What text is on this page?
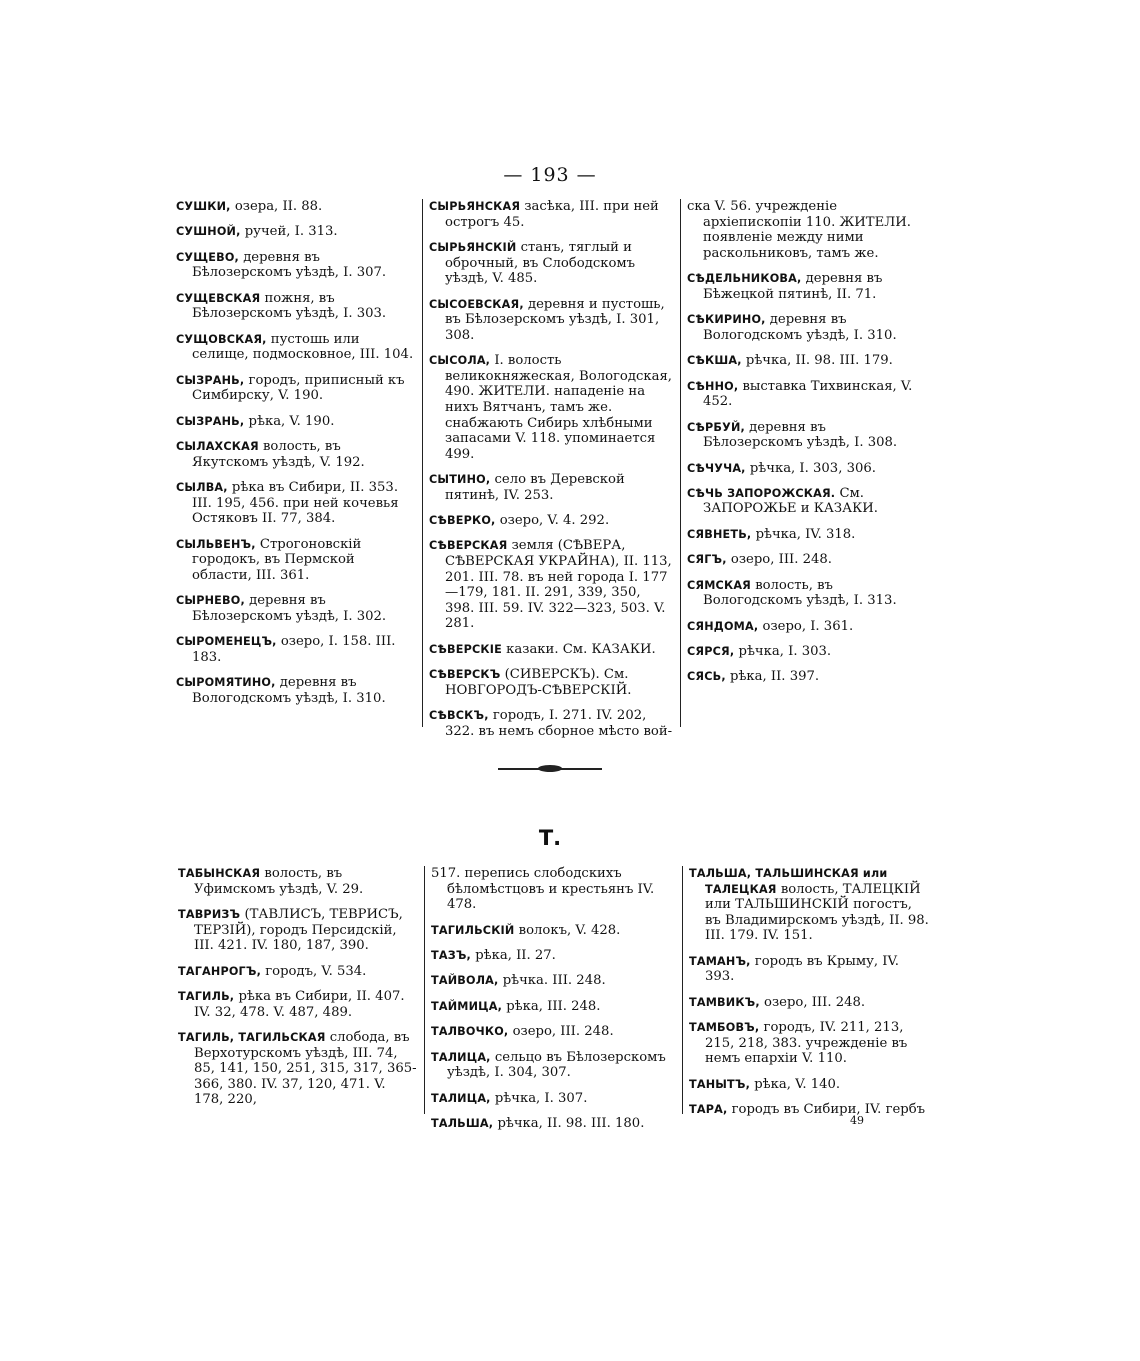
— 193 —

СУШКИ, озера, II. 88.

СУШНОЙ, ручей, I. 313.

СУЩЕВО, деревня въ Бѣлозерскомъ уѣздѣ, I. 307.

СУЩЕВСКАЯ пожня, въ Бѣлозерскомъ уѣздѣ, I. 303.

СУЩОВСКАЯ, пустошь или селище, подмосковное, III. 104.

СЫЗРАНЬ, городъ, приписный къ Симбирску, V. 190.

СЫЗРАНЬ, рѣка, V. 190.

СЫЛАХСКАЯ волость, въ Якутскомъ уѣздѣ, V. 192.

СЫЛВА, рѣка въ Сибири, II. 353. III. 195, 456. при ней кочевья Остяковъ II. 77, 384.

СЫЛЬВЕНЪ, Строгоновскій городокъ, въ Пермской области, III. 361.

СЫРНЕВО, деревня въ Бѣлозерскомъ уѣздѣ, I. 302.

СЫРОМЕНЕЦЪ, озеро, I. 158. III. 183.

СЫРОМЯТИНО, деревня въ Вологодскомъ уѣздѣ, I. 310.

СЫРЬЯНСКАЯ засѣка, III. при ней острогъ 45.

СЫРЬЯНСКІЙ станъ, тяглый и оброчный, въ Слободскомъ уѣздѣ, V. 485.

СЫСОЕВСКАЯ, деревня и пустошь, въ Бѣлозерскомъ уѣздѣ, I. 301, 308.

СЫСОЛА, I. волость великокняжеская, Вологодская, 490. ЖИТЕЛИ. нападеніе на нихъ Вятчанъ, тамъ же. снабжають Сибирь хлѣбными запасами V. 118. упоминается 499.

СЫТИНО, село въ Деревской пятинѣ, IV. 253.

СѢВЕРКО, озеро, V. 4. 292.

СѢВЕРСКАЯ земля (СѢВЕРА, СѢВЕРСКАЯ УКРАЙНА), II. 113, 201. III. 78. въ ней города I. 177—179, 181. II. 291, 339, 350, 398. III. 59. IV. 322—323, 503. V. 281.

СѢВЕРСКІЕ казаки. См. КАЗАКИ.

СѢВЕРСКЪ (СИВЕРСКЪ). См. НОВГОРОДЪ-СѢВЕРСКІЙ.

СѢВСКЪ, городъ, I. 271. IV. 202, 322. въ немъ сборное мѣсто вой-

ска V. 56. учрежденіе архіепископіи 110. ЖИТЕЛИ. появленіе между ними раскольниковъ, тамъ же.

СѢДЕЛЬНИКОВА, деревня въ Бѣжецкой пятинѣ, II. 71.

СѢКИРИНО, деревня въ Вологодскомъ уѣздѣ, I. 310.

СѢКША, рѣчка, II. 98. III. 179.

СѢННО, выставка Тихвинская, V. 452.

СѢРБУЙ, деревня въ Бѣлозерскомъ уѣздѣ, I. 308.

СѢЧУЧА, рѣчка, I. 303, 306.

СѢЧЬ ЗАПОРОЖСКАЯ. См. ЗАПОРОЖЬЕ и КАЗАКИ.

СЯВНЕТЬ, рѣчка, IV. 318.

СЯГЪ, озеро, III. 248.

СЯМСКАЯ волость, въ Вологодскомъ уѣздѣ, I. 313.

СЯНДОМА, озеро, I. 361.

СЯРСЯ, рѣчка, I. 303.

СЯСЬ, рѣка, II. 397.

Т.

ТАБЫНСКАЯ волость, въ Уфимскомъ уѣздѣ, V. 29.

ТАВРИЗЪ (ТАВЛИСЪ, ТЕВРИСЪ, ТЕРЗІЙ), городъ Персидскій, III. 421. IV. 180, 187, 390.

ТАГАНРОГЪ, городъ, V. 534.

ТАГИЛЬ, рѣка въ Сибири, II. 407. IV. 32, 478. V. 487, 489.

ТАГИЛЬ, ТАГИЛЬСКАЯ слобода, въ Верхотурскомъ уѣздѣ, III. 74, 85, 141, 150, 251, 315, 317, 365-366, 380. IV. 37, 120, 471. V. 178, 220,

517. перепись слободскихъ бѣломѣстцовъ и крестьянъ IV. 478.

ТАГИЛЬСКІЙ волокъ, V. 428.

ТАЗЪ, рѣка, II. 27.

ТАЙВОЛА, рѣчка. III. 248.

ТАЙМИЦА, рѣка, III. 248.

ТАЛВОЧКО, озеро, III. 248.

ТАЛИЦА, сельцо въ Бѣлозерскомъ уѣздѣ, I. 304, 307.

ТАЛИЦА, рѣчка, I. 307.

ТАЛЬША, рѣчка, II. 98. III. 180.

ТАЛЬША, ТАЛЬШИНСКАЯ или ТАЛЕЦКАЯ волость, ТАЛЕЦКІЙ или ТАЛЬШИНСКІЙ погостъ, въ Владимирскомъ уѣздѣ, II. 98. III. 179. IV. 151.

ТАМАНЪ, городъ въ Крыму, IV. 393.

ТАМВИКЪ, озеро, III. 248.

ТАМБОВЪ, городъ, IV. 211, 213, 215, 218, 383. учрежденіе въ немъ епархіи V. 110.

ТАНЫТЪ, рѣка, V. 140.

ТАРА, городъ въ Сибири, IV. гербъ

49
